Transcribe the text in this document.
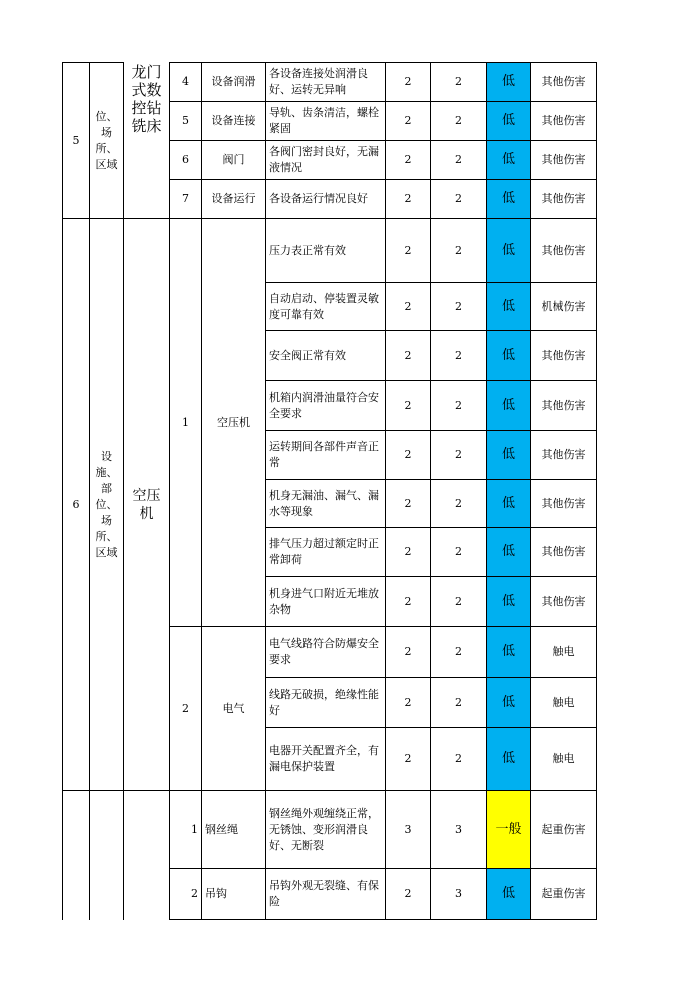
5	位、场所、区域	龙门式数控钻铣床	4	设备润滑	各设备连接处润滑良好、运转无异响	2	2	低	其他伤害
			5	设备连接	导轨、齿条清洁，螺栓紧固	2	2	低	其他伤害
			6	阀门	各阀门密封良好，无漏液情况	2	2	低	其他伤害
			7	设备运行	各设备运行情况良好	2	2	低	其他伤害
6	设施、部位、场所、区域	空压机	1	空压机	压力表正常有效	2	2	低	其他伤害
					自动启动、停装置灵敏度可靠有效	2	2	低	机械伤害
					安全阀正常有效	2	2	低	其他伤害
					机箱内润滑油量符合安全要求	2	2	低	其他伤害
					运转期间各部件声音正常	2	2	低	其他伤害
					机身无漏油、漏气、漏水等现象	2	2	低	其他伤害
					排气压力超过额定时正常卸荷	2	2	低	其他伤害
					机身进气口附近无堆放杂物	2	2	低	其他伤害
			2	电气	电气线路符合防爆安全要求	2	2	低	触电
					线路无破损，绝缘性能好	2	2	低	触电
					电器开关配置齐全，有漏电保护装置	2	2	低	触电
			1	钢丝绳	钢丝绳外观缠绕正常，无锈蚀、变形润滑良好、无断裂	3	3	一般	起重伤害
			2	吊钩	吊钩外观无裂缝、有保险	2	3	低	起重伤害
